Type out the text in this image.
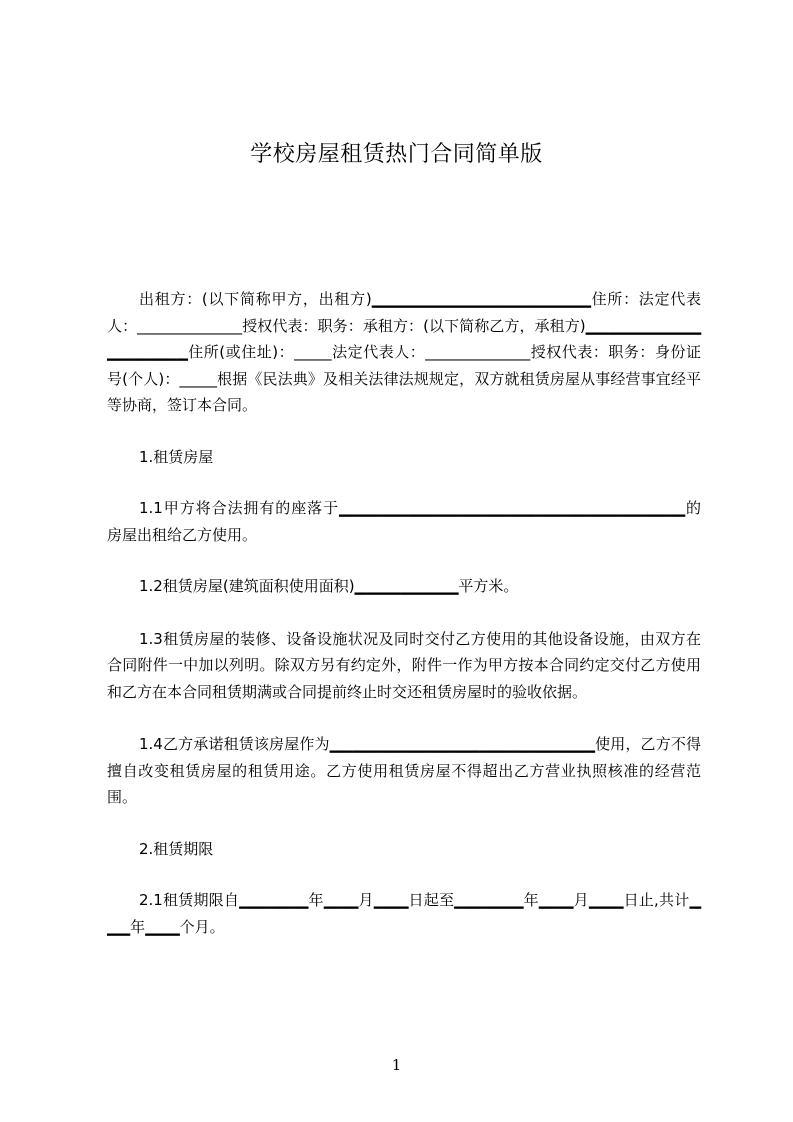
学校房屋租赁热门合同简单版

出租方：(以下简称甲方，出租方)▁▁▁▁▁▁▁▁▁▁▁▁▁▁▁▁▁▁▁住所：法定代表人：______________授权代表：职务：承租方：(以下简称乙方，承租方)▁▁▁▁▁▁▁▁▁▁▁▁▁▁▁▁▁住所(或住址)：_____法定代表人：______________授权代表：职务：身份证号(个人)：_____根据《民法典》及相关法律法规规定，双方就租赁房屋从事经营事宜经平等协商，签订本合同。

1.租赁房屋

1.1甲方将合法拥有的座落于▁▁▁▁▁▁▁▁▁▁▁▁▁▁▁▁▁▁▁▁▁▁▁▁▁▁▁▁▁▁的房屋出租给乙方使用。

1.2租赁房屋(建筑面积使用面积)▁▁▁▁▁▁▁▁▁平方米。

1.3租赁房屋的装修、设备设施状况及同时交付乙方使用的其他设备设施，由双方在合同附件一中加以列明。除双方另有约定外，附件一作为甲方按本合同约定交付乙方使用和乙方在本合同租赁期满或合同提前终止时交还租赁房屋时的验收依据。

1.4乙方承诺租赁该房屋作为▁▁▁▁▁▁▁▁▁▁▁▁▁▁▁▁▁▁▁▁▁▁▁使用，乙方不得擅自改变租赁房屋的租赁用途。乙方使用租赁房屋不得超出乙方营业执照核准的经营范围。

2.租赁期限

2.1租赁期限自▁▁▁▁▁▁年▁▁▁月▁▁▁日起至▁▁▁▁▁▁年▁▁▁月▁▁▁日止,共计▁▁▁年▁▁▁个月。

1
